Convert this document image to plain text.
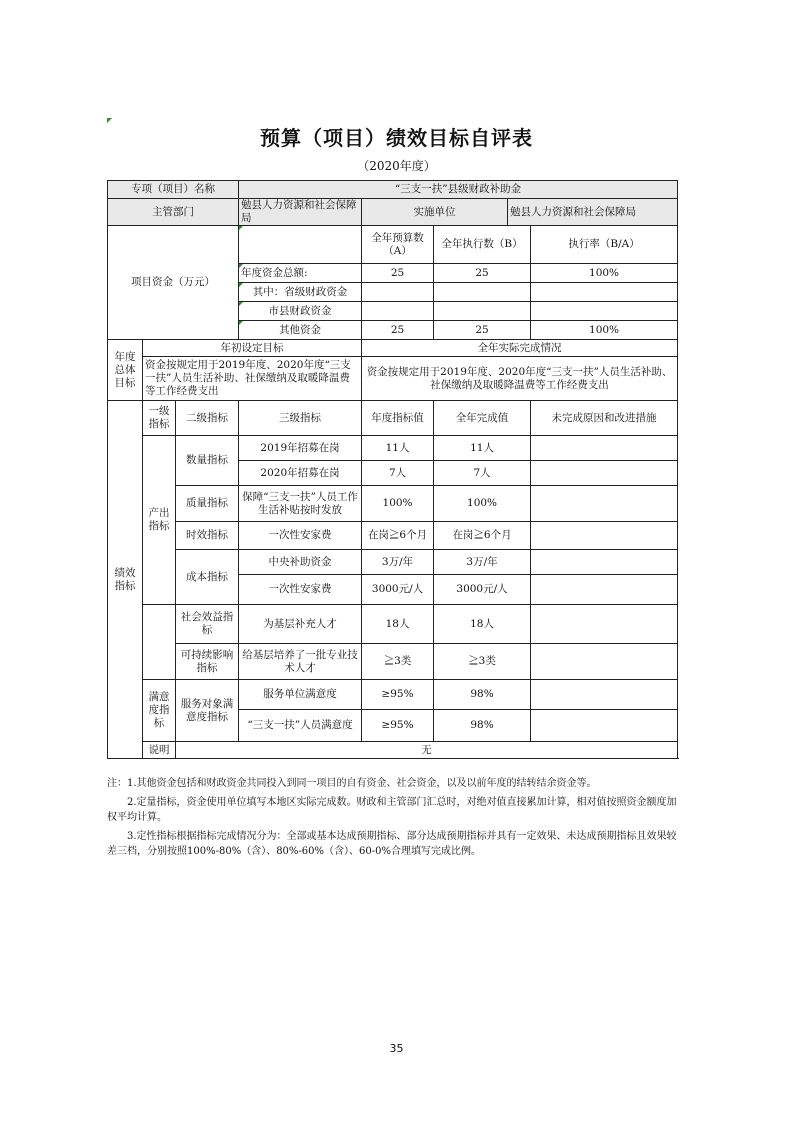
预算（项目）绩效目标自评表
（2020年度）
专项（项目）名称			“三支一扶”县级财政补助金				
主管部门			勉县人力资源和社会保障局	实施单位		勉县人力资源和社会保障局	
项目资金（万元）				全年预算数（A）	全年执行数（B）		执行率（B/A）
			年度资金总额:	25	25		100%
			其中：省级财政资金				
			市县财政资金				
			其他资金	25	25		100%
年度总体目标	年初设定目标			全年实际完成情况			
	资金按规定用于2019年度、2020年度“三支一扶”人员生活补助、社保缴纳及取暖降温费等工作经费支出			资金按规定用于2019年度、2020年度“三支一扶”人员生活补助、社保缴纳及取暖降温费等工作经费支出			
绩效指标	一级指标	二级指标	三级指标	年度指标值	全年完成值		未完成原因和改进措施
	产出指标	数量指标	2019年招募在岗	11人	11人		
			2020年招募在岗	7人	7人		
		质量指标	保障“三支一扶”人员工作生活补贴按时发放	100%	100%		
		时效指标	一次性安家费	在岗≧6个月	在岗≧6个月		
		成本指标	中央补助资金	3万/年	3万/年		
			一次性安家费	3000元/人	3000元/人		
		社会效益指标	为基层补充人才	18人	18人		
		可持续影响指标	给基层培养了一批专业技术人才	≧3类	≧3类		
	满意度指标	服务对象满意度指标	服务单位满意度	≥95%	98%		
			“三支一扶”人员满意度	≥95%	98%		
	说明	无					

注：1.其他资金包括和财政资金共同投入到同一项目的自有资金、社会资金，以及以前年度的结转结余资金等。

2.定量指标，资金使用单位填写本地区实际完成数。财政和主管部门汇总时，对绝对值直接累加计算，相对值按照资金额度加权平均计算。

3.定性指标根据指标完成情况分为：全部或基本达成预期指标、部分达成预期指标并具有一定效果、未达成预期指标且效果较差三档，分别按照100%-80%（含）、80%-60%（含）、60-0%合理填写完成比例。

35
